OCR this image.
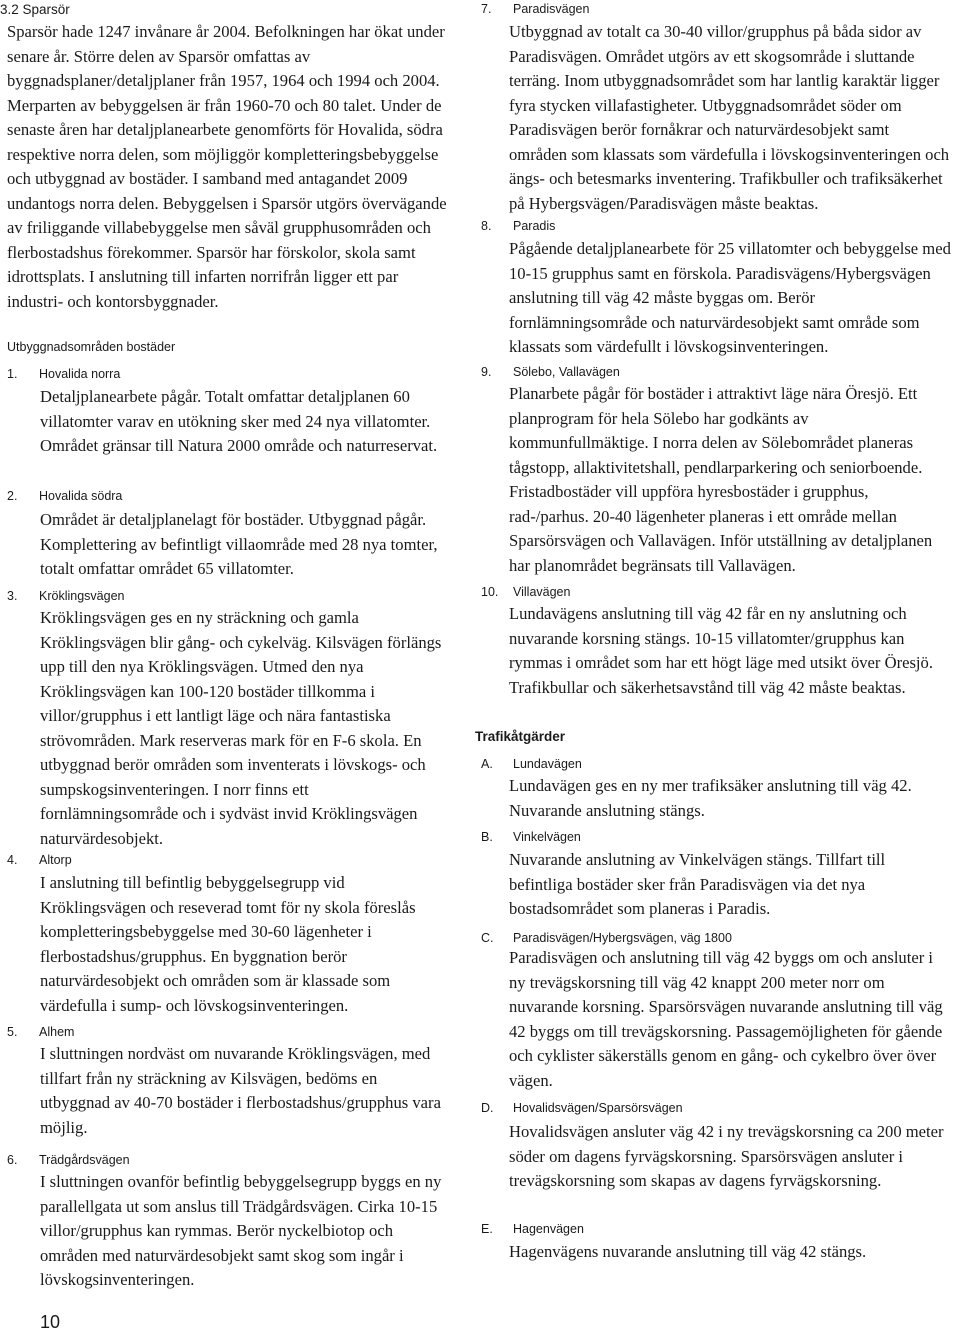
3.2 Sparsör

Sparsör hade 1247 invånare år 2004. Befolkningen har ökat under senare år. Större delen av Sparsör omfattas av byggnadsplaner/detaljplaner från 1957, 1964 och 1994 och 2004. Merparten av bebyggelsen är från 1960-70 och 80 talet. Under de senaste åren har detaljplanearbete genomförts för Hovalida, södra respektive norra delen, som möjliggör kompletteringsbebyggelse och utbyggnad av bostäder. I samband med antagandet 2009 undantogs norra delen. Bebyggelsen i Sparsör utgörs övervägande av friliggande villabebyggelse men såväl grupphusområden och flerbostadshus förekommer. Sparsör har förskolor, skola samt idrottsplats. I anslutning till infarten norrifrån ligger ett par industri- och kontorsbyggnader.

Utbyggnadsområden bostäder
1. Hovalida norra

Detaljplanearbete pågår. Totalt omfattar detaljplanen 60 villatomter varav en utökning sker med 24 nya villatomter. Området gränsar till Natura 2000 område och naturreservat.

2. Hovalida södra

Området är detaljplanelagt för bostäder. Utbyggnad pågår. Komplettering av befintligt villaområde med 28 nya tomter, totalt omfattar området 65 villatomter.

3. Kröklingsvägen

Kröklingsvägen ges en ny sträckning och gamla Kröklingsvägen blir gång- och cykelväg. Kilsvägen förlängs upp till den nya Kröklingsvägen. Utmed den nya Kröklingsvägen kan 100-120 bostäder tillkomma i villor/grupphus i ett lantligt läge och nära fantastiska strövområden. Mark reserveras mark för en F-6 skola. En utbyggnad berör områden som inventerats i lövskogs- och sumpskogsinventeringen. I norr finns ett fornlämningsområde och i sydväst invid Kröklingsvägen naturvärdesobjekt.

4. Altorp

I anslutning till befintlig bebyggelsegrupp vid Kröklingsvägen och reseverad tomt för ny skola föreslås kompletteringsbebyggelse med 30-60 lägenheter i flerbostadshus/grupphus. En byggnation berör naturvärdesobjekt och områden som är klassade som värdefulla i sump- och lövskogsinventeringen.

5. Alhem

I sluttningen nordväst om nuvarande Kröklingsvägen, med tillfart från ny sträckning av Kilsvägen, bedöms en utbyggnad av 40-70 bostäder i flerbostadshus/grupphus vara möjlig.

6. Trädgårdsvägen

I sluttningen ovanför befintlig bebyggelsegrupp byggs en ny parallellgata ut som anslus till Trädgårdsvägen. Cirka 10-15 villor/grupphus kan rymmas. Berör nyckelbiotop och områden med naturvärdesobjekt samt skog som ingår i lövskogsinventeringen.

7. Paradisvägen

Utbyggnad av totalt ca 30-40 villor/grupphus på båda sidor av Paradisvägen. Området utgörs av ett skogsområde i sluttande terräng. Inom utbyggnadsområdet som har lantlig karaktär ligger fyra stycken villafastigheter. Utbyggnadsområdet söder om Paradisvägen berör fornåkrar och naturvärdesobjekt samt områden som klassats som värdefulla i lövskogsinventeringen och ängs- och betesmarks inventering. Trafikbuller och trafiksäkerhet på Hybergsvägen/Paradisvägen måste beaktas.

8. Paradis

Pågående detaljplanearbete för 25 villatomter och bebyggelse med 10-15 grupphus samt en förskola. Paradisvägens/Hybergsvägen anslutning till väg 42 måste byggas om. Berör fornlämningsområde och naturvärdesobjekt samt område som klassats som värdefullt i lövskogsinventeringen.

9. Sölebo, Vallavägen

Planarbete pågår för bostäder i attraktivt läge nära Öresjö. Ett planprogram för hela Sölebo har godkänts av kommunfullmäktige. I norra delen av Sölebområdet planeras tågstopp, allaktivitetshall, pendlarparkering och seniorboende. Fristadbostäder vill uppföra hyresbostäder i grupphus, rad-/parhus. 20-40 lägenheter planeras i ett område mellan Sparsörsvägen och Vallavägen. Inför utställning av detaljplanen har planområdet begränsats till Vallavägen.

10. Villavägen

Lundavägens anslutning till väg 42 får en ny anslutning och nuvarande korsning stängs. 10-15 villatomter/grupphus kan rymmas i området som har ett högt läge med utsikt över Öresjö. Trafikbullar och säkerhetsavstånd till väg 42 måste beaktas.

Trafikåtgärder
A. Lundavägen

Lundavägen ges en ny mer trafiksäker anslutning till väg 42. Nuvarande anslutning stängs.

B. Vinkelvägen

Nuvarande anslutning av Vinkelvägen stängs. Tillfart till befintliga bostäder sker från Paradisvägen via det nya bostadsområdet som planeras i Paradis.

C. Paradisvägen/Hybergsvägen, väg 1800

Paradisvägen och anslutning till väg 42 byggs om och ansluter i ny trevägskorsning till väg 42 knappt 200 meter norr om nuvarande korsning. Sparsörsvägen nuvarande anslutning till väg 42 byggs om till trevägskorsning. Passagemöjligheten för gående och cyklister säkerställs genom en gång- och cykelbro över över vägen.

D. Hovalidsvägen/Sparsörsvägen

Hovalidsvägen ansluter väg 42 i ny trevägskorsning ca 200 meter söder om dagens fyrvägskorsning. Sparsörsvägen ansluter i trevägskorsning som skapas av dagens fyrvägskorsning.

E. Hagenvägen

Hagenvägens nuvarande anslutning till väg 42 stängs.

10
